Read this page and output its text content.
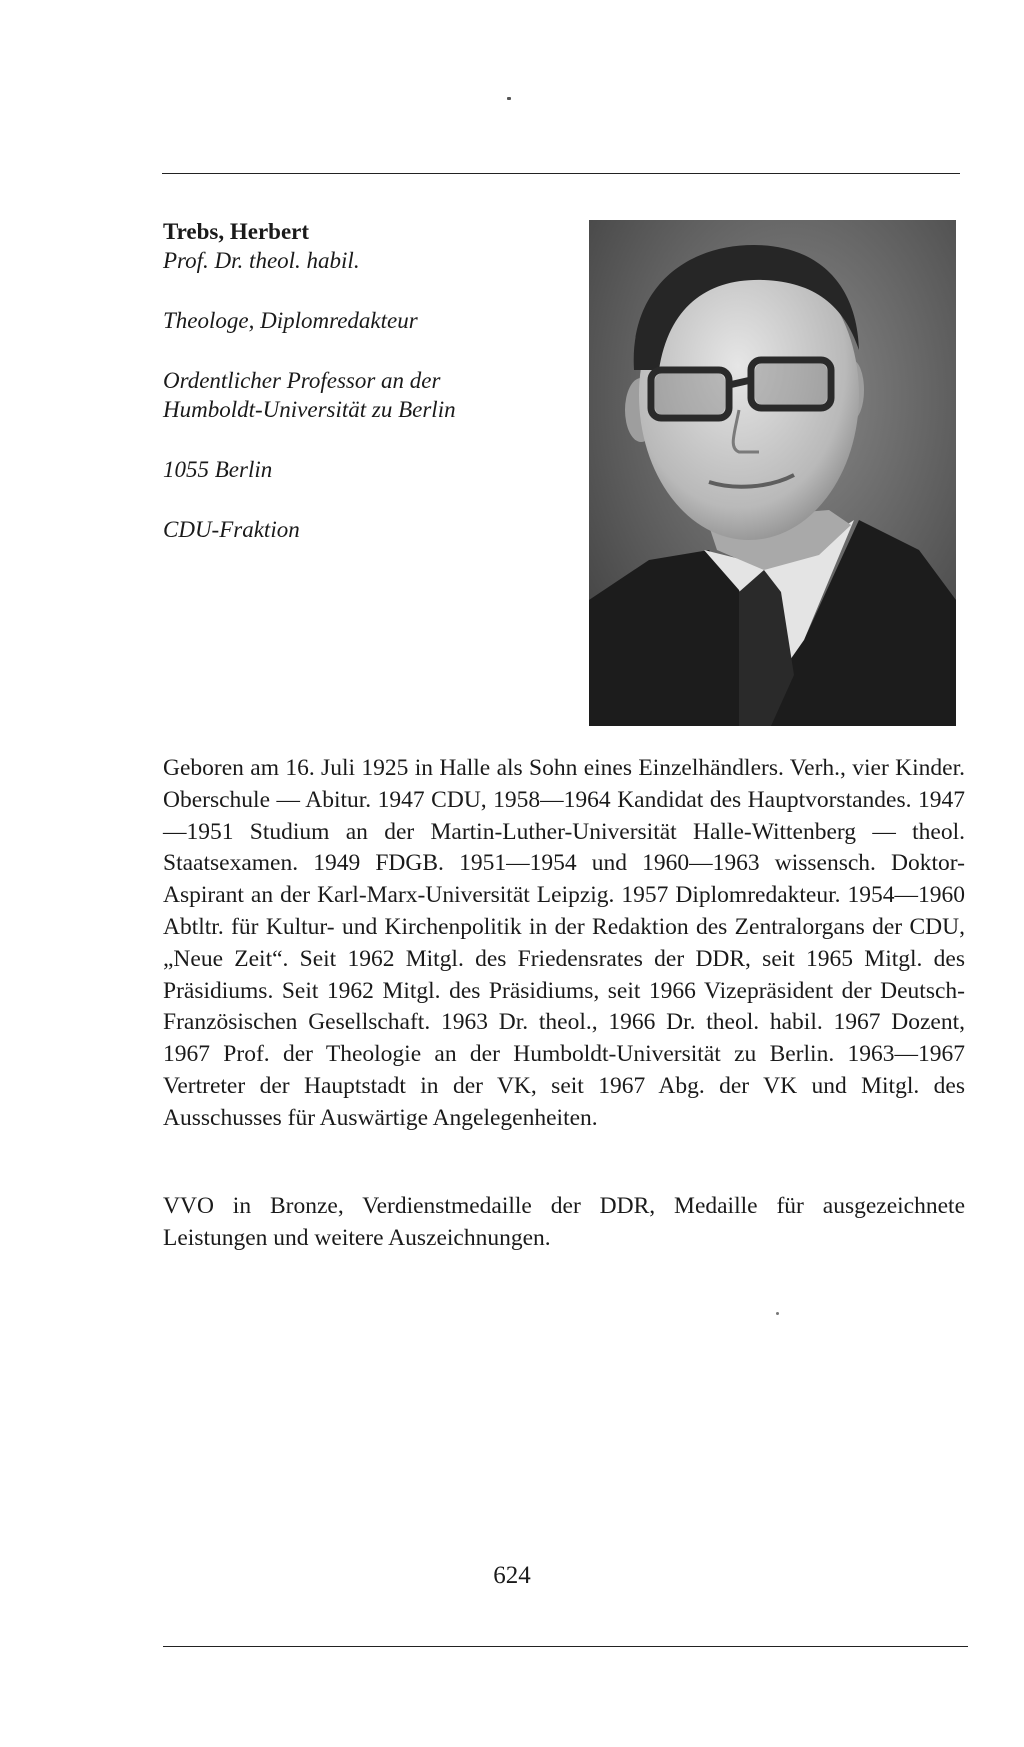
Trebs, Herbert

Prof. Dr. theol. habil.

Theologe, Diplomredakteur

Ordentlicher Professor an der

Humboldt-Universität zu Berlin

1055 Berlin

CDU-Fraktion

Geboren am 16. Juli 1925 in Halle als Sohn eines Einzelhändlers. Verh., vier Kinder. Oberschule — Abitur. 1947 CDU, 1958—1964 Kandidat des Hauptvorstandes. 1947—1951 Studium an der Martin-Luther-Universität Halle-Wittenberg — theol. Staatsexamen. 1949 FDGB. 1951—1954 und 1960—1963 wissensch. Doktor-Aspirant an der Karl-Marx-Universität Leipzig. 1957 Diplomredakteur. 1954—1960 Abtltr. für Kultur- und Kirchenpolitik in der Redaktion des Zentralorgans der CDU, „Neue Zeit“. Seit 1962 Mitgl. des Friedensrates der DDR, seit 1965 Mitgl. des Präsidiums. Seit 1962 Mitgl. des Präsidiums, seit 1966 Vizepräsident der Deutsch-Französischen Gesellschaft. 1963 Dr. theol., 1966 Dr. theol. habil. 1967 Dozent, 1967 Prof. der Theologie an der Humboldt-Universität zu Berlin. 1963—1967 Vertreter der Hauptstadt in der VK, seit 1967 Abg. der VK und Mitgl. des Ausschusses für Auswärtige Angelegenheiten.

VVO in Bronze, Verdienstmedaille der DDR, Medaille für ausgezeichnete Leistungen und weitere Auszeichnungen.

624
